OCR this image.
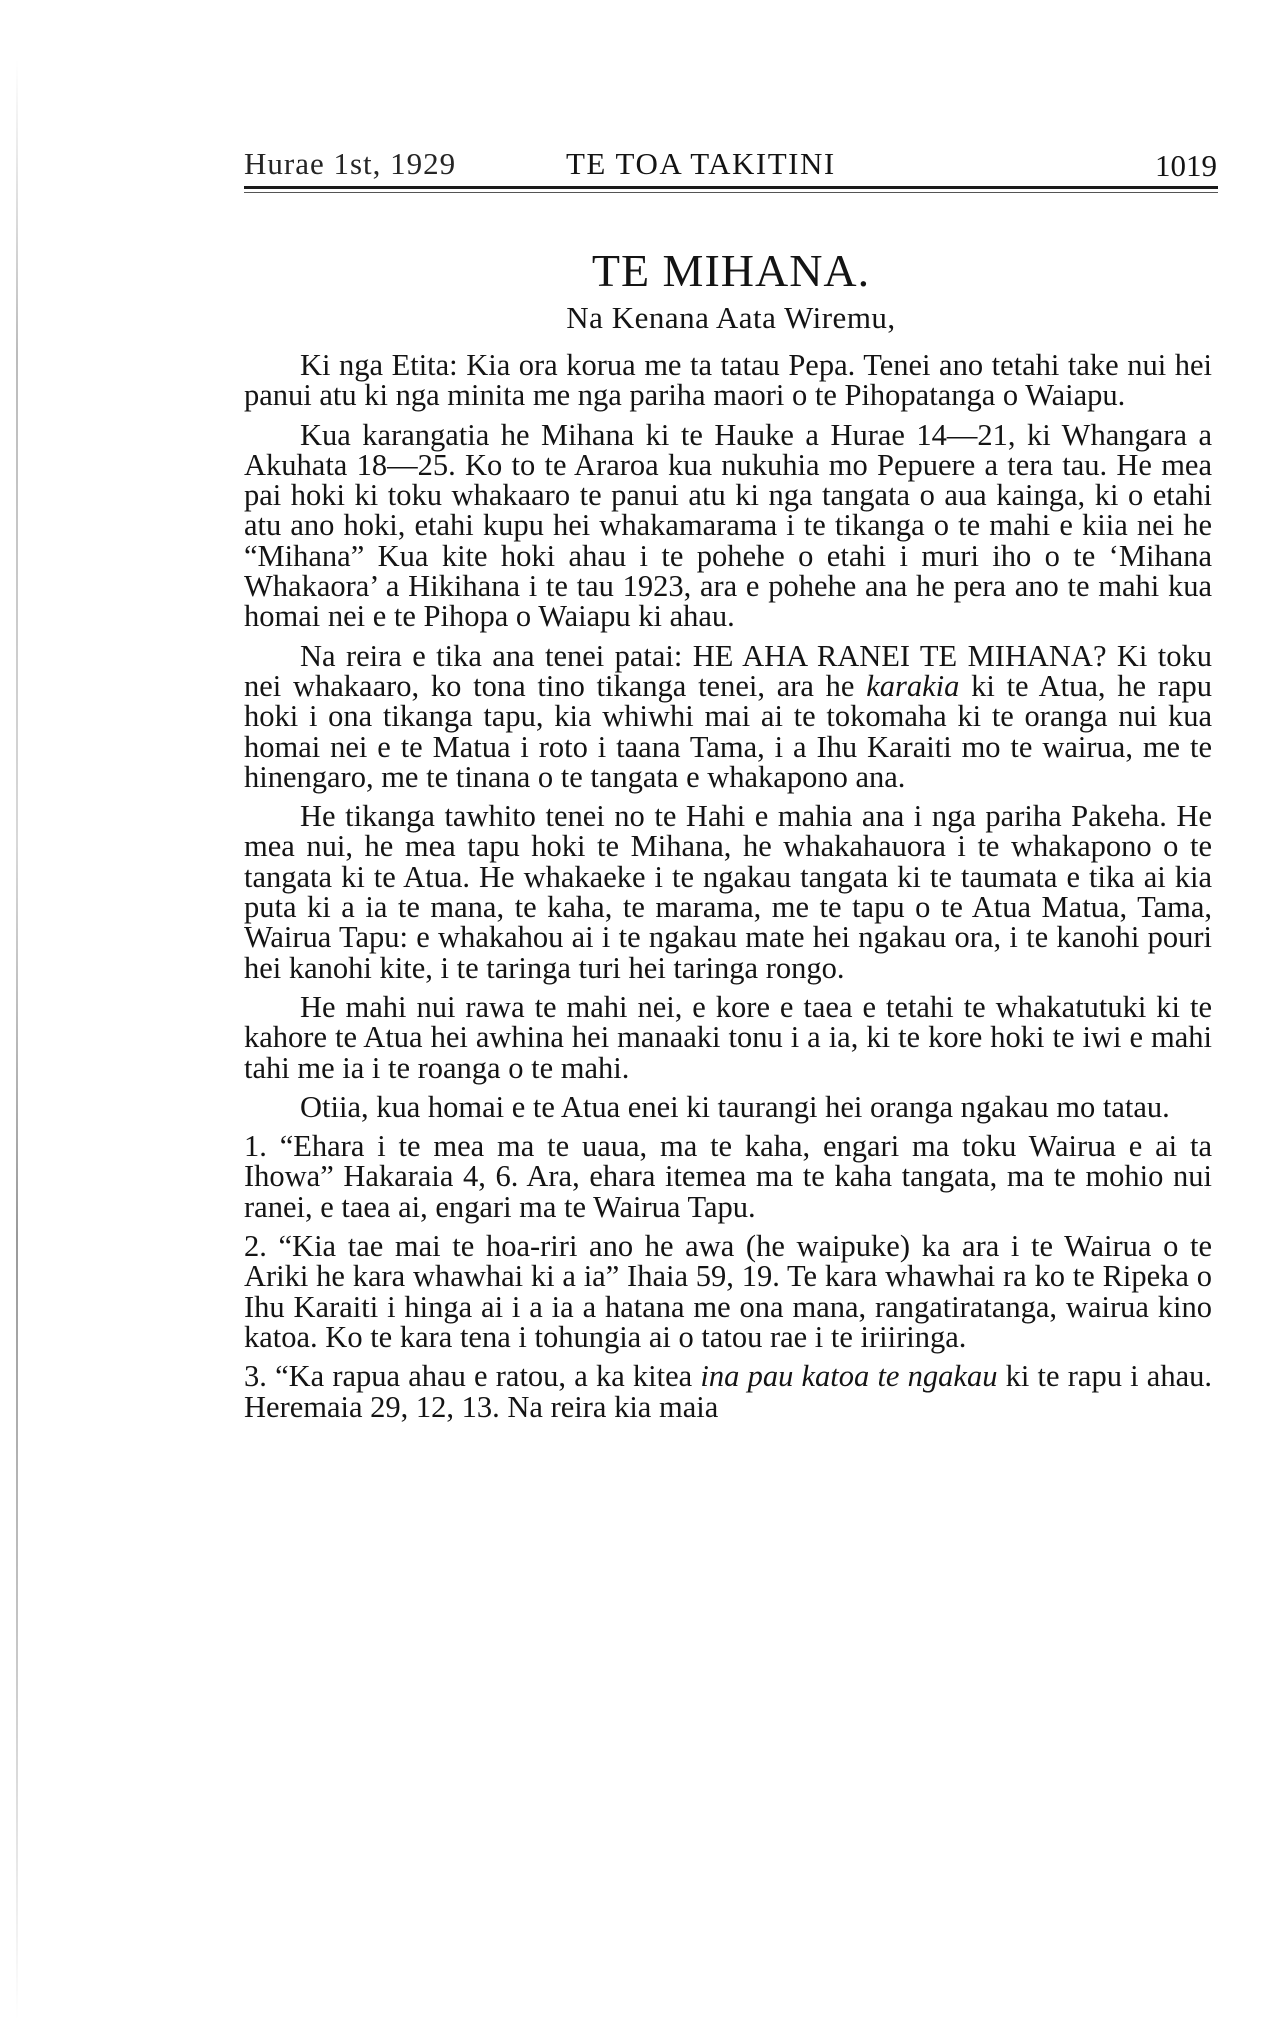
Hurae 1st, 1929	TE TOA TAKITINI	1019
TE MIHANA.
Na Kenana Aata Wiremu,

Ki nga Etita: Kia ora korua me ta tatau Pepa. Tenei ano tetahi take nui hei panui atu ki nga minita me nga pariha maori o te Pihopatanga o Waiapu.

Kua karangatia he Mihana ki te Hauke a Hurae 14—21, ki Whangara a Akuhata 18—25. Ko to te Araroa kua nukuhia mo Pepuere a tera tau. He mea pai hoki ki toku whakaaro te panui atu ki nga tangata o aua kainga, ki o etahi atu ano hoki, etahi kupu hei whakamarama i te tikanga o te mahi e kiia nei he “Mihana” Kua kite hoki ahau i te pohehe o etahi i muri iho o te ‘Mihana Whakaora’ a Hikihana i te tau 1923, ara e pohehe ana he pera ano te mahi kua homai nei e te Pihopa o Waiapu ki ahau.

Na reira e tika ana tenei patai: HE AHA RANEI TE MIHANA? Ki toku nei whakaaro, ko tona tino tikanga tenei, ara he karakia ki te Atua, he rapu hoki i ona tikanga tapu, kia whiwhi mai ai te tokomaha ki te oranga nui kua homai nei e te Matua i roto i taana Tama, i a Ihu Karaiti mo te wairua, me te hinengaro, me te tinana o te tangata e whakapono ana.

He tikanga tawhito tenei no te Hahi e mahia ana i nga pariha Pakeha. He mea nui, he mea tapu hoki te Mihana, he whakahauora i te whakapono o te tangata ki te Atua. He whakaeke i te ngakau tangata ki te taumata e tika ai kia puta ki a ia te mana, te kaha, te marama, me te tapu o te Atua Matua, Tama, Wairua Tapu: e whakahou ai i te ngakau mate hei ngakau ora, i te kanohi pouri hei kanohi kite, i te taringa turi hei taringa rongo.

He mahi nui rawa te mahi nei, e kore e taea e tetahi te whakatutuki ki te kahore te Atua hei awhina hei manaaki tonu i a ia, ki te kore hoki te iwi e mahi tahi me ia i te roanga o te mahi.

Otiia, kua homai e te Atua enei ki taurangi hei oranga ngakau mo tatau.

1. “Ehara i te mea ma te uaua, ma te kaha, engari ma toku Wairua e ai ta Ihowa” Hakaraia 4, 6. Ara, ehara itemea ma te kaha tangata, ma te mohio nui ranei, e taea ai, engari ma te Wairua Tapu.

2. “Kia tae mai te hoa-riri ano he awa (he waipuke) ka ara i te Wairua o te Ariki he kara whawhai ki a ia” Ihaia 59, 19. Te kara whawhai ra ko te Ripeka o Ihu Karaiti i hinga ai i a ia a hatana me ona mana, rangatiratanga, wairua kino katoa. Ko te kara tena i tohungia ai o tatou rae i te iriiringa.

3. “Ka rapua ahau e ratou, a ka kitea ina pau katoa te ngakau ki te rapu i ahau. Heremaia 29, 12, 13. Na reira kia maia
